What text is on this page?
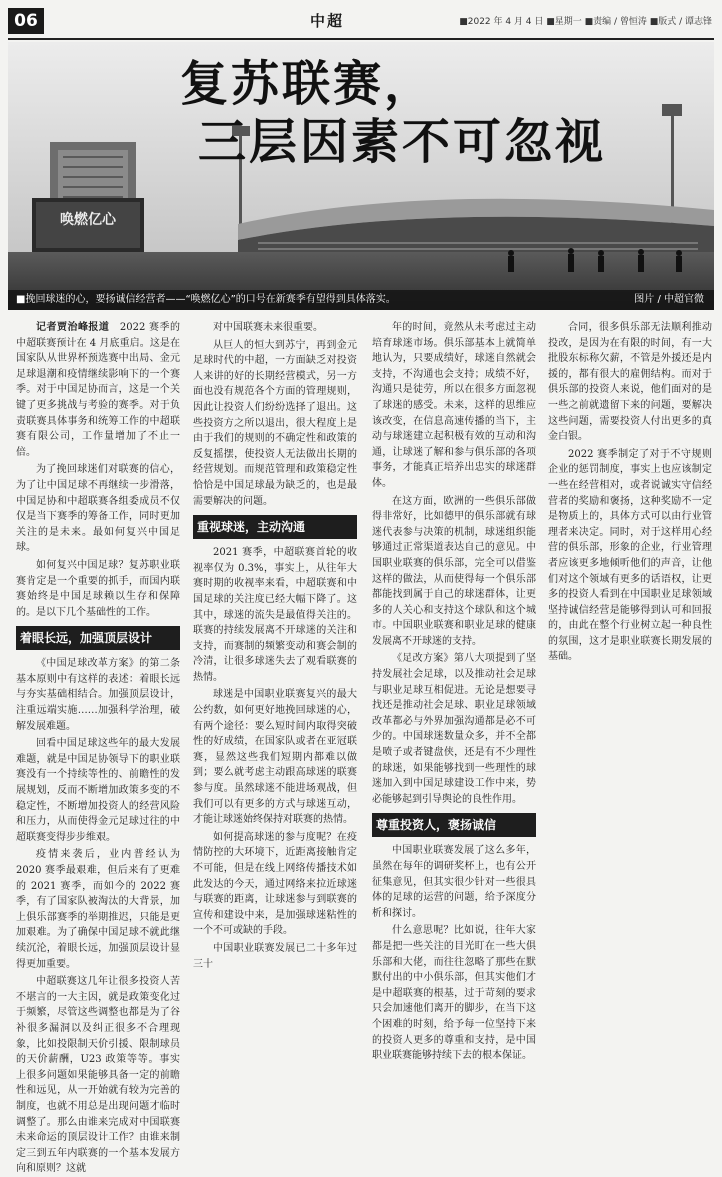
06	中超	■2022 年 4 月 4 日 ■星期一 ■责编 / 曾恒涛 ■版式 / 谭志锋
唤燃亿心
复苏联赛，
三层因素不可忽视
■挽回球迷的心，要扬诚信经营者——“唤燃亿心”的口号在新赛季有望得到具体落实。	图片 / 中超官微

记者贾治峰报道　 2022 赛季的中超联赛预计在 4 月底重启。这是在国家队从世界杯预选赛中出局、金元足球退潮和疫情继续影响下的一个赛季。对于中国足协而言，这是一个关键了更多挑战与考验的赛季。对于负责联赛具体事务和统筹工作的中超联赛有限公司，工作量增加了不止一倍。

为了挽回球迷们对联赛的信心，为了让中国足球不再继续一步滑落，中国足协和中超联赛各组委成员不仅仅是当下赛季的筹备工作，同时更加关注的是未来。最如何复兴中国足球。

如何复兴中国足球？复苏职业联赛肯定是一个重要的抓手，而国内联赛始终是中国足球赖以生存和保障的。是以下几个基础性的工作。

着眼长远，加强顶层设计

《中国足球改革方案》的第二条基本原则中有这样的表述：着眼长远与夯实基础相结合。加强顶层设计，注重远端实施……加强科学治理，破解发展难题。

回看中国足球这些年的最大发展难题，就是中国足协领导下的职业联赛没有一个持续等性的、前瞻性的发展规划，反而不断增加政策多变的不稳定性，不断增加投资人的经营风险和压力，从而使得金元足球过往的中超联赛变得步步维艰。

疫情来袭后，业内普经认为 2020 赛季最艰难，但后来有了更难的 2021 赛季，而如今的 2022 赛季，有了国家队被淘汰的大背景，加上俱乐部赛季的举期推迟，只能是更加艰难。为了确保中国足球不就此继续沉沦，着眼长远，加强顶层设计显得更加重要。

中超联赛这几年让很多投资人苦不堪言的一大主因，就是政策变化过于频繁，尽管这些调整也都是为了谷补很多漏洞以及纠正很多不合理现象，比如投限制天价引援、限制球员的天价薪酬，U23 政策等等。事实上很多问题如果能够具备一定的前瞻性和远见，从一开始就有较为完善的制度，也就不用总是出现问题才临时调整了。那么由谁来完成对中国联赛未来命运的顶层设计工作？由谁来制定三到五年内联赛的一个基本发展方向和原则？这就

对中国联赛未来很重要。

从巨人的恒大到苏宁，再到金元足球时代的中超，一方面缺乏对投资人来讲的好的长期经营模式，另一方面也没有规范各个方面的管理规则，因此让投资人们纷纷选择了退出。这些投资方之所以退出，很大程度上是由于我们的规则的不确定性和政策的反复摇摆，使投资人无法做出长期的经营规划。而规范管理和政策稳定性恰恰是中国足球最为缺乏的，也是最需要解决的问题。

重视球迷，主动沟通

2021 赛季，中超联赛首轮的收视率仅为 0.3%，事实上，从往年大赛时期的收视率来看，中超联赛和中国足球的关注度已经大幅下降了。这其中，球迷的流失是最值得关注的。联赛的持续发展离不开球迷的关注和支持，而赛制的频繁变动和赛会制的冷清，让很多球迷失去了观看联赛的热情。

球迷是中国职业联赛复兴的最大公约数，如何更好地挽回球迷的心，有两个途径：要么短时间内取得突破性的好成绩，在国家队或者在亚冠联赛，显然这些我们短期内都难以做到；要么就考虑主动跟高球迷的联赛参与度。虽然球迷不能进场观战，但我们可以有更多的方式与球迷互动，才能让球迷始终保持对联赛的热情。

如何提高球迷的参与度呢？在疫情防控的大环境下，近距离接触肯定不可能，但是在线上网络传播技术如此发达的今天，通过网络来拉近球迷与联赛的距离，让球迷参与到联赛的宣传和建设中来，是加强球迷粘性的一个不可或缺的手段。

中国职业联赛发展已二十多年过三十

年的时间，竟然从未考虑过主动培育球迷市场。俱乐部基本上就简单地认为，只要成绩好，球迷自然就会支持，不沟通也会支持；成绩不好，沟通只是徒劳，所以在很多方面忽视了球迷的感受。未来，这样的思维应该改变，在信息高速传播的当下，主动与球迷建立起积极有效的互动和沟通，让球迷了解和参与俱乐部的各项事务，才能真正培养出忠实的球迷群体。

在这方面，欧洲的一些俱乐部做得非常好，比如德甲的俱乐部就有球迷代表参与决策的机制，球迷组织能够通过正常渠道表达自己的意见。中国职业联赛的俱乐部，完全可以借鉴这样的做法，从而使得每一个俱乐部都能找到属于自己的球迷群体，让更多的人关心和支持这个球队和这个城市。中国职业联赛和职业足球的健康发展离不开球迷的支持。

《足改方案》第八大项提到了坚持发展社会足球，以及推动社会足球与职业足球互相促进。无论是想要寻找还是推动社会足球、职业足球领域改革都必与外界加强沟通都是必不可少的。中国球迷数量众多，并不全都是喷子或者键盘侠，还是有不少理性的球迷，如果能够找到一些理性的球迷加入到中国足球建设工作中来，势必能够起到引导舆论的良性作用。

尊重投资人，褒扬诚信

中国职业联赛发展了这么多年，虽然在每年的调研奖杯上，也有公开征集意见，但其实很少针对一些很具体的足球的运营的问题，给予深度分析和探讨。

什么意思呢？比如说，往年大家都是把一些关注的目光盯在一些大俱乐部和大佬，而往往忽略了那些在默默付出的中小俱乐部，但其实他们才是中超联赛的根基，过于苛刻的要求只会加速他们离开的脚步，在当下这个困难的时刻，给予每一位坚持下来的投资人更多的尊重和支持，是中国职业联赛能够持续下去的根本保证。

合同，很多俱乐部无法顺利推动投改，是因为在有限的时间，有一大批股东标称欠薪，不管是外援还是内援的，都有很大的雇佣结构。而对于俱乐部的投资人来说，他们面对的是一些之前就遗留下来的问题，要解决这些问题，需要投资人付出更多的真金白银。

2022 赛季制定了对于不守规则企业的惩罚制度，事实上也应该制定一些在经营相对，或者说诚实守信经营者的奖励和褒扬，这种奖励不一定是物质上的，具体方式可以由行业管理者来决定。同时，对于这样用心经营的俱乐部，形象的企业，行业管理者应该更多地倾听他们的声音，让他们对这个领域有更多的话语权，让更多的投资人看到在中国职业足球领域坚持诚信经营是能够得到认可和回报的，由此在整个行业树立起一种良性的氛围，这才是职业联赛长期发展的基础。
